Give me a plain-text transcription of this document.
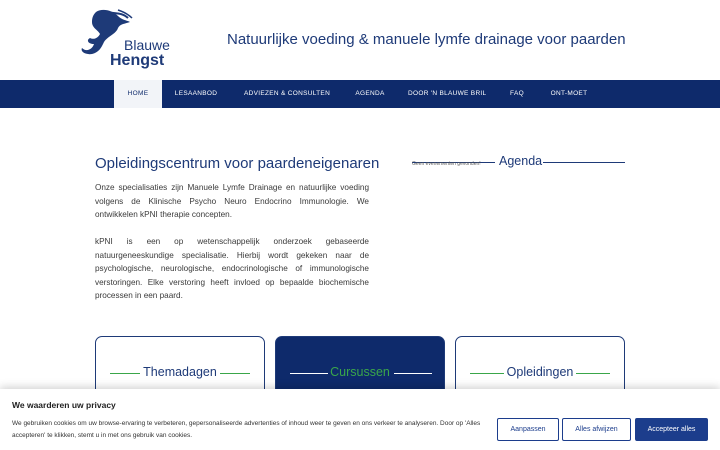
Blauwe
Hengst
Natuurlijke voeding & manuele lymfe drainage voor paarden
HOME	LESAANBOD	ADVIEZEN & CONSULTEN	AGENDA	DOOR 'N BLAUWE BRIL	FAQ	ONT-MOET
Opleidingscentrum voor paardeneigenaren

Onze specialisaties zijn Manuele Lymfe Drainage en natuurlijke voeding volgens de Klinische Psycho Neuro Endocrino Immunologie. We ontwikkelen kPNI therapie concepten.

kPNI is een op wetenschappelijk onderzoek gebaseerde natuurgeneeskundige specialisatie. Hierbij wordt gekeken naar de psychologische, neurologische, endocrinologische of immunologische verstoringen. Elke verstoring heeft invloed op bepaalde biochemische processen in een paard.

Geen evenementen gevonden! Agenda
Themadagen	Cursussen	Opleidingen
We waarderen uw privacy
We gebruiken cookies om uw browse-ervaring te verbeteren, gepersonaliseerde advertenties of inhoud weer te geven en ons verkeer te analyseren. Door op 'Alles accepteren' te klikken, stemt u in met ons gebruik van cookies.
Aanpassen	Alles afwijzen	Accepteer alles
